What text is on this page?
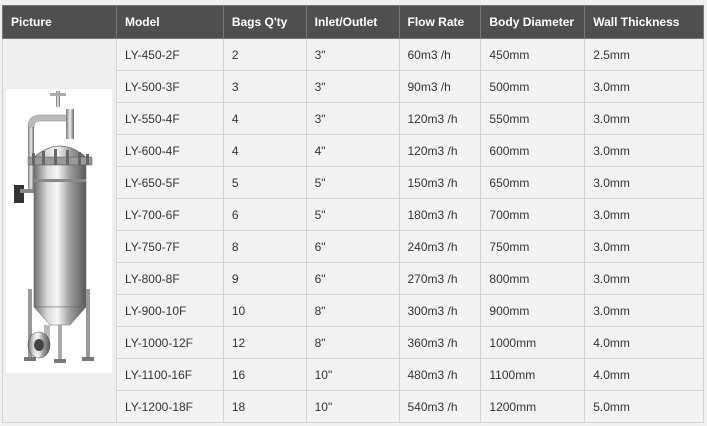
Picture	Model	Bags Q'ty	Inlet/Outlet	Flow Rate	Body Diameter	Wall Thickness

	LY-450-2F	2	3"	60m3 /h	450mm	2.5mm
	LY-500-3F	3	3"	90m3 /h	500mm	3.0mm
	LY-550-4F	4	3"	120m3 /h	550mm	3.0mm
	LY-600-4F	4	4"	120m3 /h	600mm	3.0mm
	LY-650-5F	5	5"	150m3 /h	650mm	3.0mm
	LY-700-6F	6	5"	180m3 /h	700mm	3.0mm
	LY-750-7F	8	6"	240m3 /h	750mm	3.0mm
	LY-800-8F	9	6"	270m3 /h	800mm	3.0mm
	LY-900-10F	10	8"	300m3 /h	900mm	3.0mm
	LY-1000-12F	12	8"	360m3 /h	1000mm	4.0mm
	LY-1100-16F	16	10"	480m3 /h	1100mm	4.0mm
	LY-1200-18F	18	10"	540m3 /h	1200mm	5.0mm
